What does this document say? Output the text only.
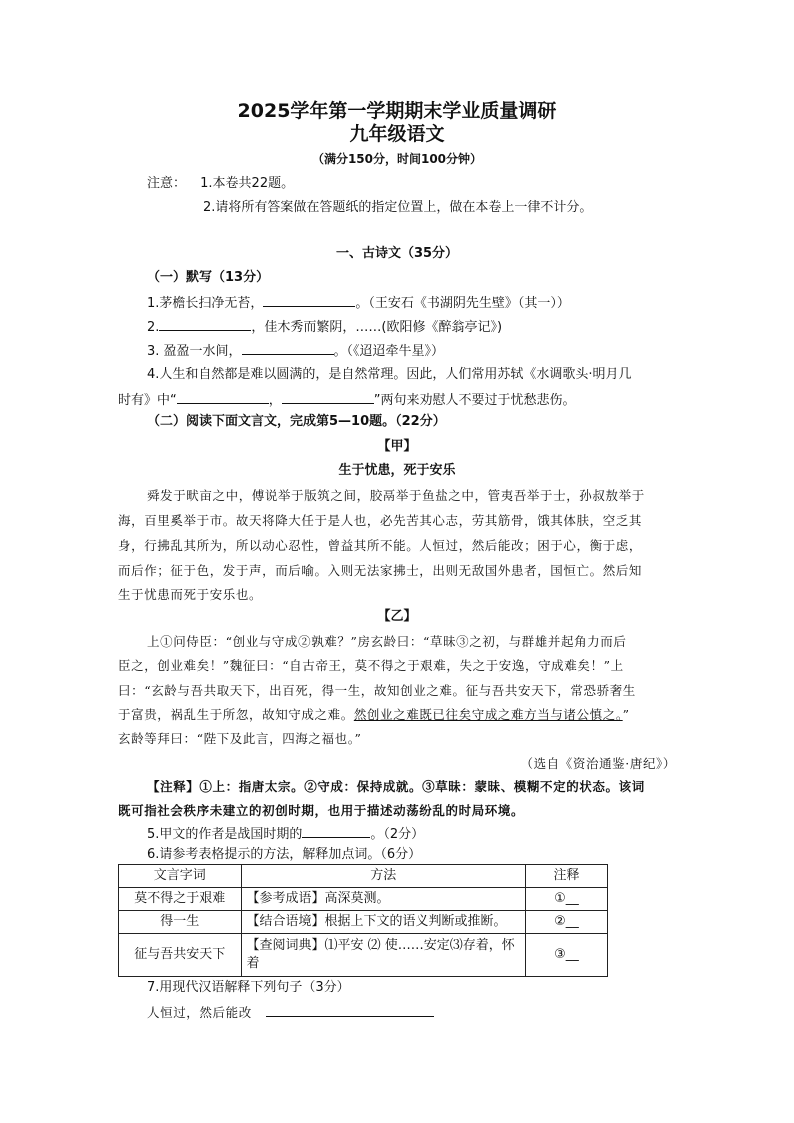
2025学年第一学期期末学业质量调研
九年级语文
（满分150分，时间100分钟）
注意： 1.本卷共22题。
2.请将所有答案做在答题纸的指定位置上，做在本卷上一律不计分。
一、古诗文（35分）
（一）默写（13分）
1.茅檐长扫净无苔，	。（王安石《书湖阴先生壁》（其一））
2.	，佳木秀而繁阴，……(欧阳修《醉翁亭记》)
3. 盈盈一水间，	。（《迢迢牵牛星》）
4.人生和自然都是难以圆满的，是自然常理。因此，人们常用苏轼《水调歌头·明月几
时有》中“	，	”两句来劝慰人不要过于忧愁悲伤。
（二）阅读下面文言文，完成第5—10题。（22分）
【甲】
生于忧患，死于安乐
舜发于畎亩之中，傅说举于版筑之间，胶鬲举于鱼盐之中，管夷吾举于士，孙叔敖举于
海，百里奚举于市。故天将降大任于是人也，必先苦其心志，劳其筋骨，饿其体肤，空乏其
身，行拂乱其所为，所以动心忍性，曾益其所不能。人恒过，然后能改；困于心，衡于虑，
而后作；征于色，发于声，而后喻。入则无法家拂士，出则无敌国外患者，国恒亡。然后知
生于忧患而死于安乐也。
【乙】
上①问侍臣：“创业与守成②孰难？”房玄龄曰：“草昧③之初，与群雄并起角力而后
臣之，创业难矣！”魏征曰：“自古帝王，莫不得之于艰难，失之于安逸，守成难矣！”上
曰：“玄龄与吾共取天下，出百死，得一生，故知创业之难。征与吾共安天下，常恐骄奢生
于富贵，祸乱生于所忽，故知守成之难。然创业之难既已往矣守成之难方当与诸公慎之。”
玄龄等拜曰：“陛下及此言，四海之福也。”
（选自《资治通鉴·唐纪》）
【注释】①上：指唐太宗。②守成：保持成就。③草昧：蒙昧、模糊不定的状态。该词
既可指社会秩序未建立的初创时期，也用于描述动荡纷乱的时局环境。
5.甲文的作者是战国时期的	。（2分）
6.请参考表格提示的方法，解释加点词。（6分）
文言字词	方法	注释
莫不得之于艰难	【参考成语】高深莫测。	①__
得一生	【结合语境】根据上下文的语义判断或推断。	②__
征与吾共安天下	【查阅词典】⑴平安 ⑵ 使……安定⑶存着，怀着	③__
7.用现代汉语解释下列句子（3分）
人恒过，然后能改
